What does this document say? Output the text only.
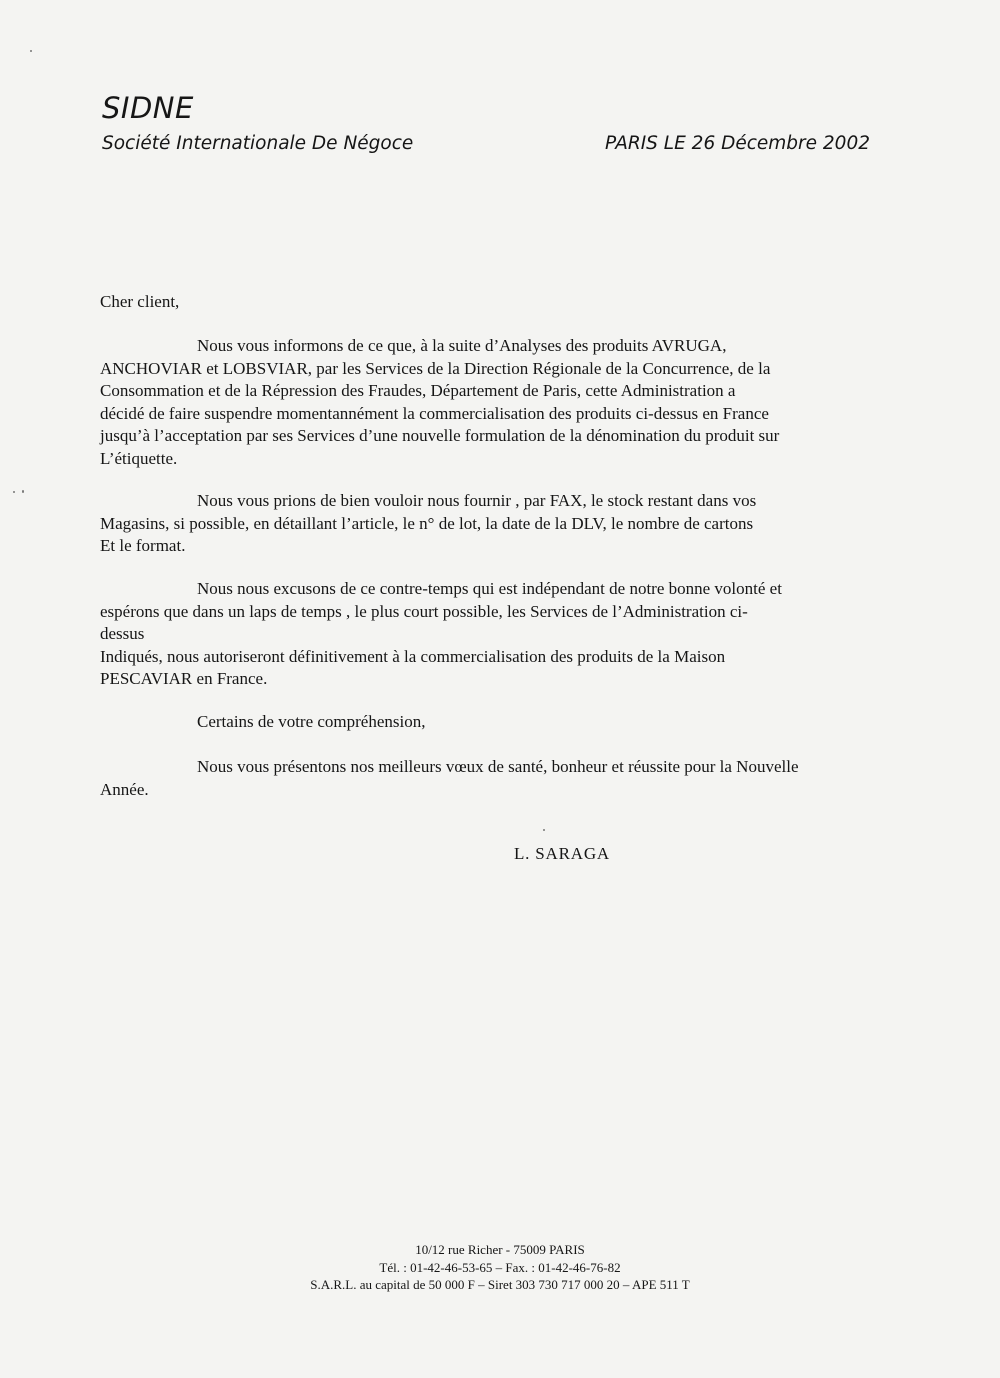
SIDNE
Société Internationale De Négoce	PARIS LE 26 Décembre 2002
Cher client,
Nous vous informons de ce que, à la suite d’Analyses des produits AVRUGA,
ANCHOVIAR et LOBSVIAR, par les Services de la Direction Régionale de la Concurrence, de la
Consommation et de la Répression des Fraudes, Département de Paris, cette Administration a
décidé de faire suspendre momentannément la commercialisation des produits ci-dessus en France
jusqu’à l’acceptation par ses Services d’une nouvelle formulation de la dénomination du produit sur
L’étiquette.
Nous vous prions de bien vouloir nous fournir , par FAX, le stock restant dans vos
Magasins, si possible, en détaillant l’article, le n° de lot, la date de la DLV, le nombre de cartons
Et le format.
Nous nous excusons de ce contre-temps qui est indépendant de notre bonne volonté et
espérons que dans un laps de temps , le plus court possible, les Services de l’Administration ci-
dessus
Indiqués, nous autoriseront définitivement à la commercialisation des produits de la Maison
PESCAVIAR en France.
Certains de votre compréhension,
Nous vous présentons nos meilleurs vœux de santé, bonheur et réussite pour la Nouvelle
Année.
L. SARAGA
10/12 rue Richer - 75009 PARIS
Tél. : 01-42-46-53-65 – Fax. : 01-42-46-76-82
S.A.R.L. au capital de 50 000 F – Siret 303 730 717 000 20 – APE 511 T
